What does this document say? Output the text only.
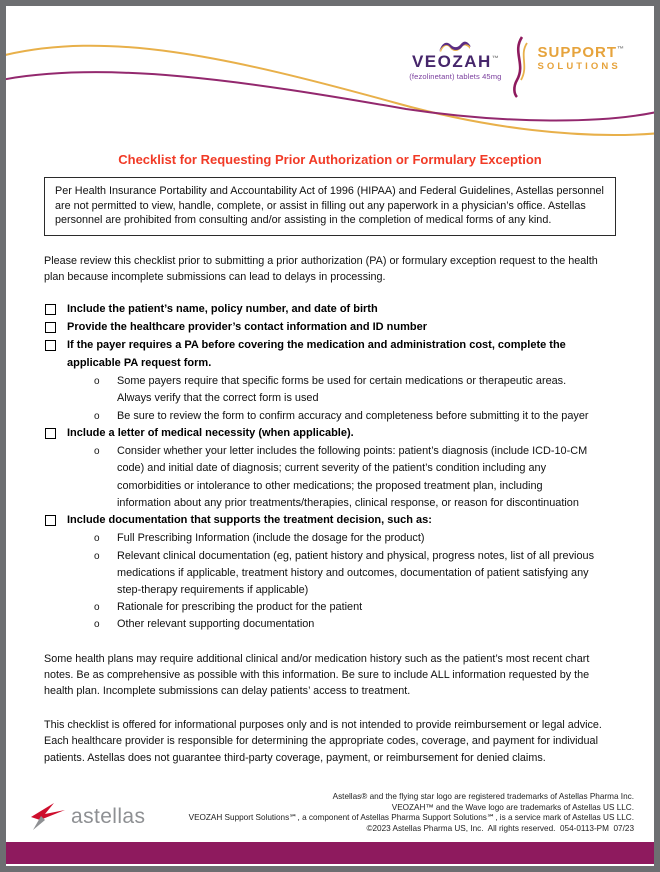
VEOZAH™
(fezolinetant) tablets 45mg
SUPPORT™
SOLUTIONS
Checklist for Requesting Prior Authorization or Formulary Exception
Per Health Insurance Portability and Accountability Act of 1996 (HIPAA) and Federal Guidelines, Astellas personnel are not permitted to view, handle, complete, or assist in filling out any paperwork in a physician’s office. Astellas personnel are prohibited from consulting and/or assisting in the completion of medical forms of any kind.
Please review this checklist prior to submitting a prior authorization (PA) or formulary exception request to the health plan because incomplete submissions can lead to delays in processing.
Include the patient’s name, policy number, and date of birth
Provide the healthcare provider’s contact information and ID number
If the payer requires a PA before covering the medication and administration cost, complete the applicable PA request form.
o	Some payers require that specific forms be used for certain medications or therapeutic areas. Always verify that the correct form is used
o	Be sure to review the form to confirm accuracy and completeness before submitting it to the payer
Include a letter of medical necessity (when applicable).
o	Consider whether your letter includes the following points: patient’s diagnosis (include ICD-10-CM code) and initial date of diagnosis; current severity of the patient’s condition including any comorbidities or intolerance to other medications; the proposed treatment plan, including information about any prior treatments/therapies, clinical response, or reason for discontinuation
Include documentation that supports the treatment decision, such as:
o	Full Prescribing Information (include the dosage for the product)
o	Relevant clinical documentation (eg, patient history and physical, progress notes, list of all previous medications if applicable, treatment history and outcomes, documentation of patient satisfying any step-therapy requirements if applicable)
o	Rationale for prescribing the product for the patient
o	Other relevant supporting documentation
Some health plans may require additional clinical and/or medication history such as the patient’s most recent chart notes. Be as comprehensive as possible with this information. Be sure to include ALL information requested by the health plan. Incomplete submissions can delay patients’ access to treatment.
This checklist is offered for informational purposes only and is not intended to provide reimbursement or legal advice. Each healthcare provider is responsible for determining the appropriate codes, coverage, and payment for individual patients. Astellas does not guarantee third-party coverage, payment, or reimbursement for denied claims.
astellas
Astellas® and the flying star logo are registered trademarks of Astellas Pharma Inc.
VEOZAH™ and the Wave logo are trademarks of Astellas US LLC.
VEOZAH Support Solutions℠, a component of Astellas Pharma Support Solutions℠, is a service mark of Astellas US LLC.
©2023 Astellas Pharma US, Inc.  All rights reserved.  054-0113-PM  07/23
